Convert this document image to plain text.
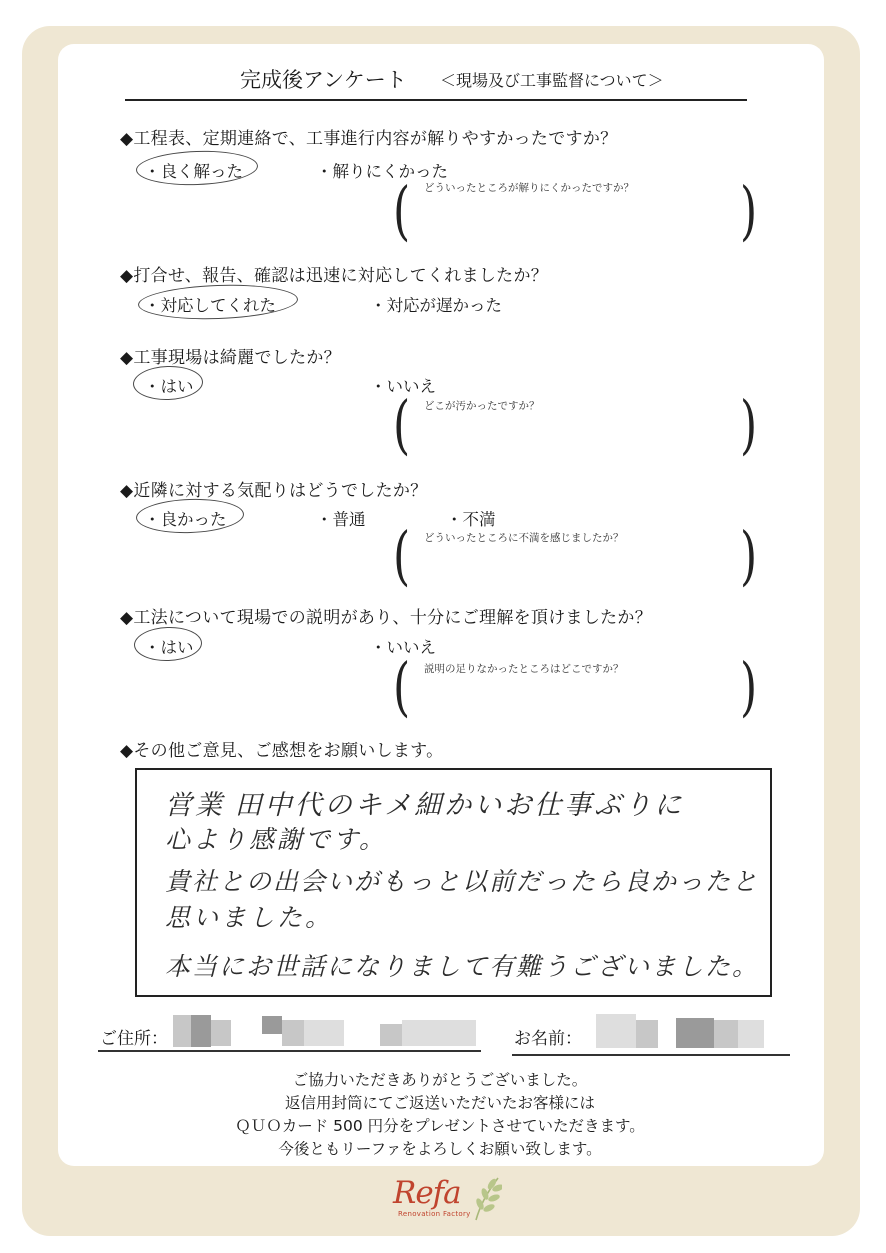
完成後アンケート ＜現場及び工事監督について＞
◆工程表、定期連絡で、工事進行内容が解りやすかったですか？
・良く解った	・解りにくかった
どういったところが解りにくかったですか？
(	)
◆打合せ、報告、確認は迅速に対応してくれましたか？
・対応してくれた	・対応が遅かった
◆工事現場は綺麗でしたか？
・はい	・いいえ
どこが汚かったですか？
(	)
◆近隣に対する気配りはどうでしたか？
・良かった	・普通	・不満
どういったところに不満を感じましたか？
(	)
◆工法について現場での説明があり、十分にご理解を頂けましたか？
・はい	・いいえ
説明の足りなかったところはどこですか？
(	)
◆その他ご意見、ご感想をお願いします。
営業 田中代のキメ細かいお仕事ぶりに
心より感謝です。
貴社との出会いがもっと以前だったら良かったと
思いました。
本当にお世話になりまして有難うございました。
ご住所：	お名前：
ご協力いただきありがとうございました。
返信用封筒にてご返送いただいたお客様には
ＱＵＯカード 500 円分をプレゼントさせていただきます。
今後ともリーファをよろしくお願い致します。
Refa
Renovation Factory
